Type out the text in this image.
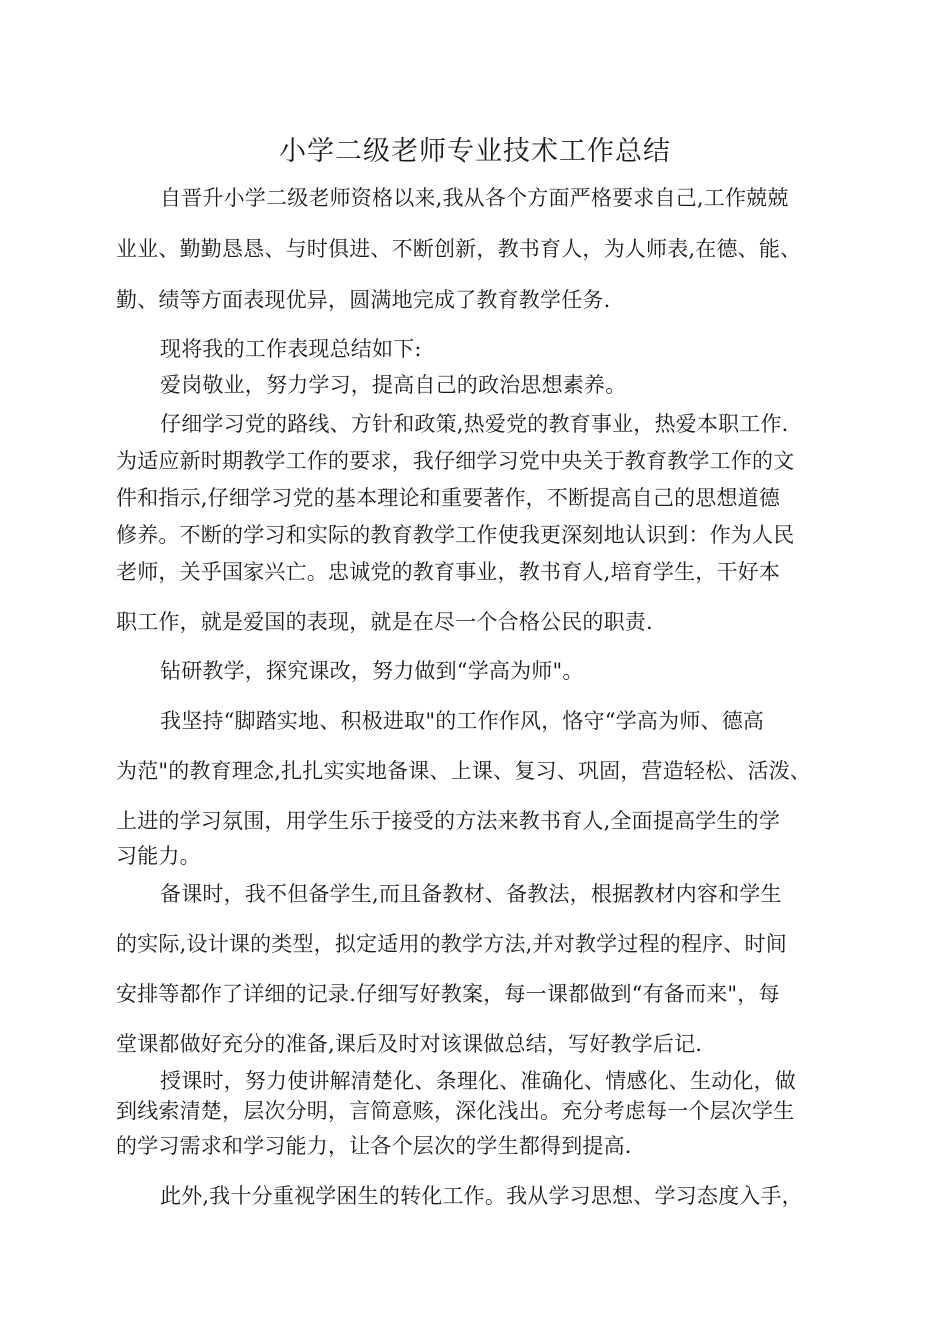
小学二级老师专业技术工作总结
自晋升小学二级老师资格以来,我从各个方面严格要求自己,工作兢兢
业业、勤勤恳恳、与时俱进、不断创新，教书育人，为人师表,在德、能、
勤、绩等方面表现优异，圆满地完成了教育教学任务.
现将我的工作表现总结如下:
爱岗敬业，努力学习，提高自己的政治思想素养。
仔细学习党的路线、方针和政策,热爱党的教育事业，热爱本职工作.
为适应新时期教学工作的要求，我仔细学习党中央关于教育教学工作的文
件和指示,仔细学习党的基本理论和重要著作，不断提高自己的思想道德
修养。不断的学习和实际的教育教学工作使我更深刻地认识到：作为人民
老师，关乎国家兴亡。忠诚党的教育事业，教书育人,培育学生，干好本
职工作，就是爱国的表现，就是在尽一个合格公民的职责.
钻研教学，探究课改，努力做到“学高为师"。
我坚持“脚踏实地、积极进取"的工作作风，恪守“学高为师、德高
为范"的教育理念,扎扎实实地备课、上课、复习、巩固，营造轻松、活泼、
上进的学习氛围，用学生乐于接受的方法来教书育人,全面提高学生的学
习能力。
备课时，我不但备学生,而且备教材、备教法，根据教材内容和学生
的实际,设计课的类型，拟定适用的教学方法,并对教学过程的程序、时间
安排等都作了详细的记录.仔细写好教案，每一课都做到“有备而来"，每
堂课都做好充分的准备,课后及时对该课做总结，写好教学后记.
授课时，努力使讲解清楚化、条理化、准确化、情感化、生动化，做
到线索清楚，层次分明，言简意赅，深化浅出。充分考虑每一个层次学生
的学习需求和学习能力，让各个层次的学生都得到提高.
此外,我十分重视学困生的转化工作。我从学习思想、学习态度入手，
